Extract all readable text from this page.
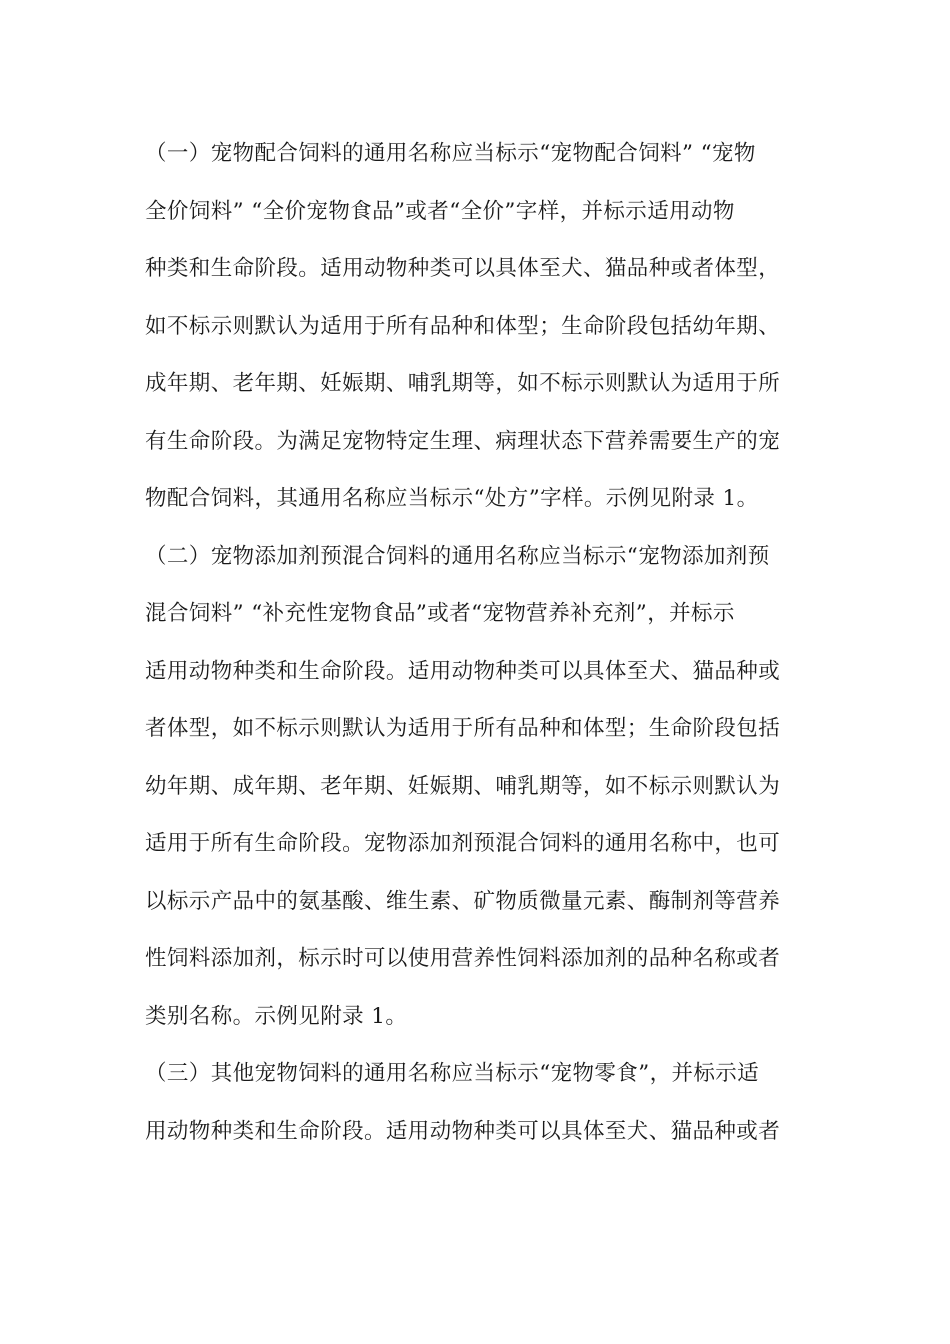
（一）宠物配合饲料的通用名称应当标示“宠物配合饲料” “宠物
全价饲料” “全价宠物食品”或者“全价”字样，并标示适用动物
种类和生命阶段。适用动物种类可以具体至犬、猫品种或者体型，
如不标示则默认为适用于所有品种和体型；生命阶段包括幼年期、
成年期、老年期、妊娠期、哺乳期等，如不标示则默认为适用于所
有生命阶段。为满足宠物特定生理、病理状态下营养需要生产的宠
物配合饲料，其通用名称应当标示“处方”字样。示例见附录 1。
（二）宠物添加剂预混合饲料的通用名称应当标示“宠物添加剂预
混合饲料” “补充性宠物食品”或者“宠物营养补充剂”，并标示
适用动物种类和生命阶段。适用动物种类可以具体至犬、猫品种或
者体型，如不标示则默认为适用于所有品种和体型；生命阶段包括
幼年期、成年期、老年期、妊娠期、哺乳期等，如不标示则默认为
适用于所有生命阶段。宠物添加剂预混合饲料的通用名称中，也可
以标示产品中的氨基酸、维生素、矿物质微量元素、酶制剂等营养
性饲料添加剂，标示时可以使用营养性饲料添加剂的品种名称或者
类别名称。示例见附录 1。
（三）其他宠物饲料的通用名称应当标示“宠物零食”，并标示适
用动物种类和生命阶段。适用动物种类可以具体至犬、猫品种或者
